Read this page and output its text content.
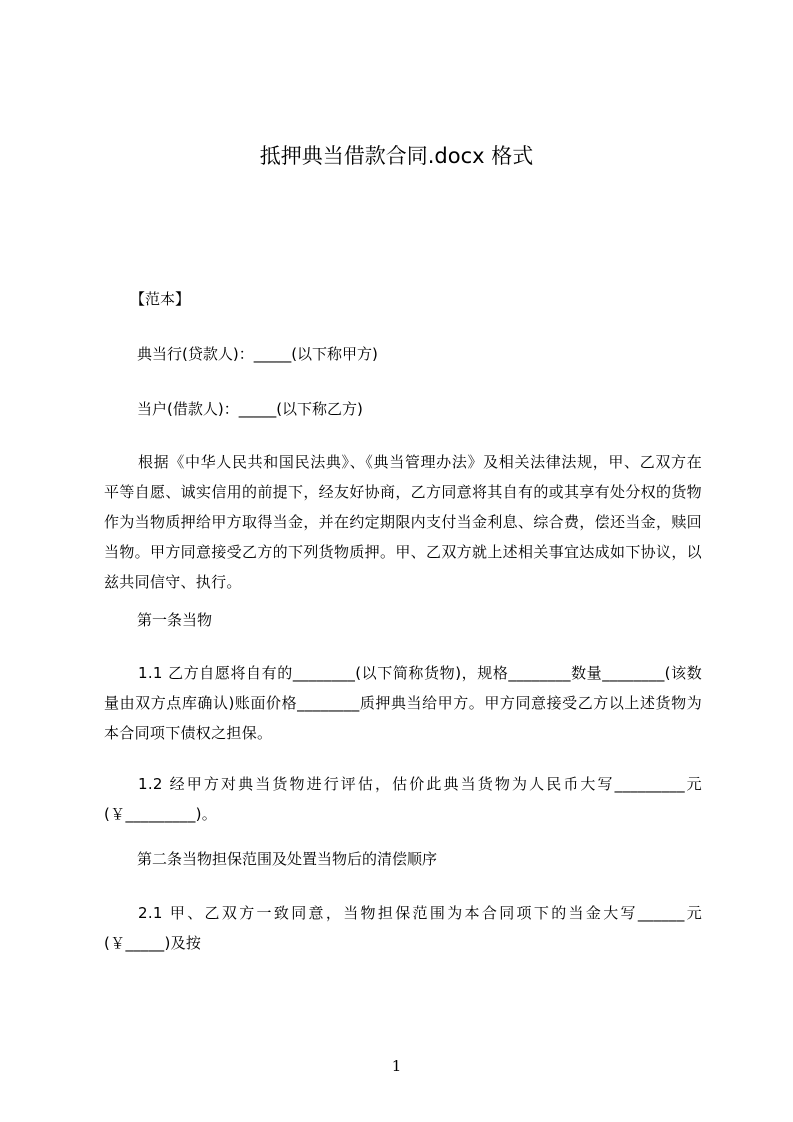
抵押典当借款合同.docx 格式
【范本】
典当行(贷款人)：_____(以下称甲方)
当户(借款人)：_____(以下称乙方)
根据《中华人民共和国民法典》、《典当管理办法》及相关法律法规，甲、乙双方在平等自愿、诚实信用的前提下，经友好协商，乙方同意将其自有的或其享有处分权的货物作为当物质押给甲方取得当金，并在约定期限内支付当金利息、综合费，偿还当金，赎回当物。甲方同意接受乙方的下列货物质押。甲、乙双方就上述相关事宜达成如下协议，以兹共同信守、执行。
第一条当物
1.1 乙方自愿将自有的________(以下简称货物)，规格________数量________(该数量由双方点库确认)账面价格________质押典当给甲方。甲方同意接受乙方以上述货物为本合同项下债权之担保。
1.2 经甲方对典当货物进行评估，估价此典当货物为人民币大写_________元(￥_________)。
第二条当物担保范围及处置当物后的清偿顺序
2.1 甲、乙双方一致同意，当物担保范围为本合同项下的当金大写______元(￥_____)及按
1
